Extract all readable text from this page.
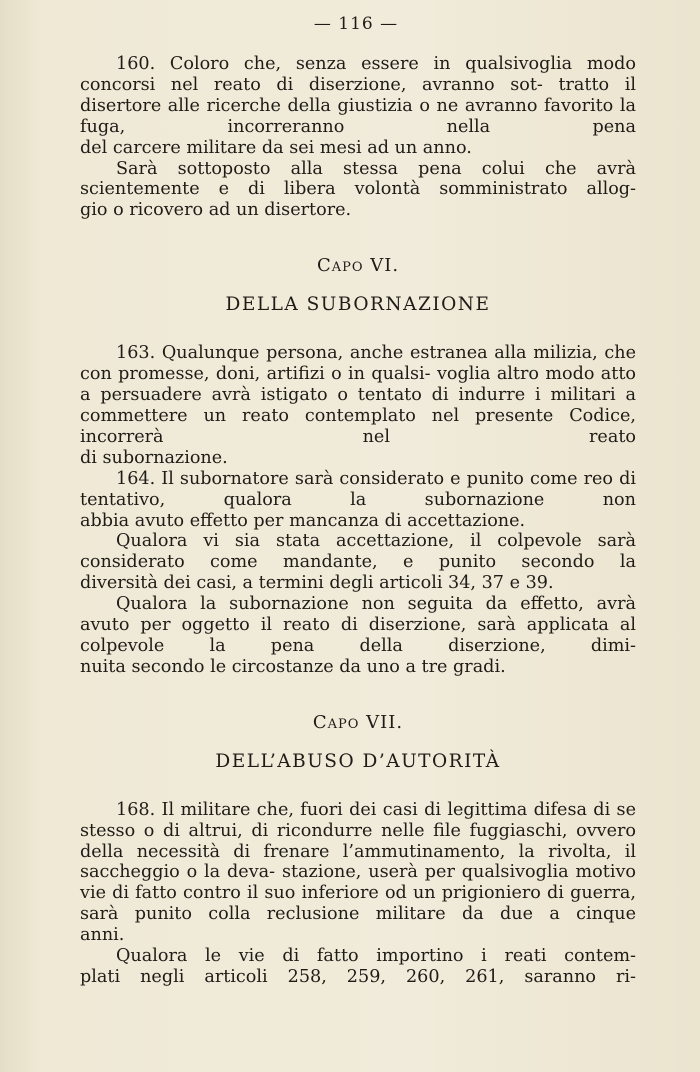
— 116 —

160. Coloro che, senza essere in qualsivoglia modo concorsi nel reato di diserzione, avranno sot- tratto il disertore alle ricerche della giustizia o ne avranno favorito la fuga, incorreranno nella pena

del carcere militare da sei mesi ad un anno.

Sarà sottoposto alla stessa pena colui che avrà scientemente e di libera volontà somministrato allog-

gio o ricovero ad un disertore.

Capo VI.
DELLA SUBORNAZIONE

163. Qualunque persona, anche estranea alla milizia, che con promesse, doni, artifizi o in qualsi- voglia altro modo atto a persuadere avrà istigato o tentato di indurre i militari a commettere un reato contemplato nel presente Codice, incorrerà nel reato

di subornazione.

164. Il subornatore sarà considerato e punito come reo di tentativo, qualora la subornazione non

abbia avuto effetto per mancanza di accettazione.

Qualora vi sia stata accettazione, il colpevole sarà considerato come mandante, e punito secondo la

diversità dei casi, a termini degli articoli 34, 37 e 39.

Qualora la subornazione non seguita da effetto, avrà avuto per oggetto il reato di diserzione, sarà applicata al colpevole la pena della diserzione, dimi-

nuita secondo le circostanze da uno a tre gradi.

Capo VII.
DELL’ABUSO D’AUTORITÀ

168. Il militare che, fuori dei casi di legittima difesa di se stesso o di altrui, di ricondurre nelle file fuggiaschi, ovvero della necessità di frenare l’ammutinamento, la rivolta, il saccheggio o la deva- stazione, userà per qualsivoglia motivo vie di fatto contro il suo inferiore od un prigioniero di guerra, sarà punito colla reclusione militare da due a cinque

anni.

Qualora le vie di fatto importino i reati contem-

plati negli articoli 258, 259, 260, 261, saranno ri-
